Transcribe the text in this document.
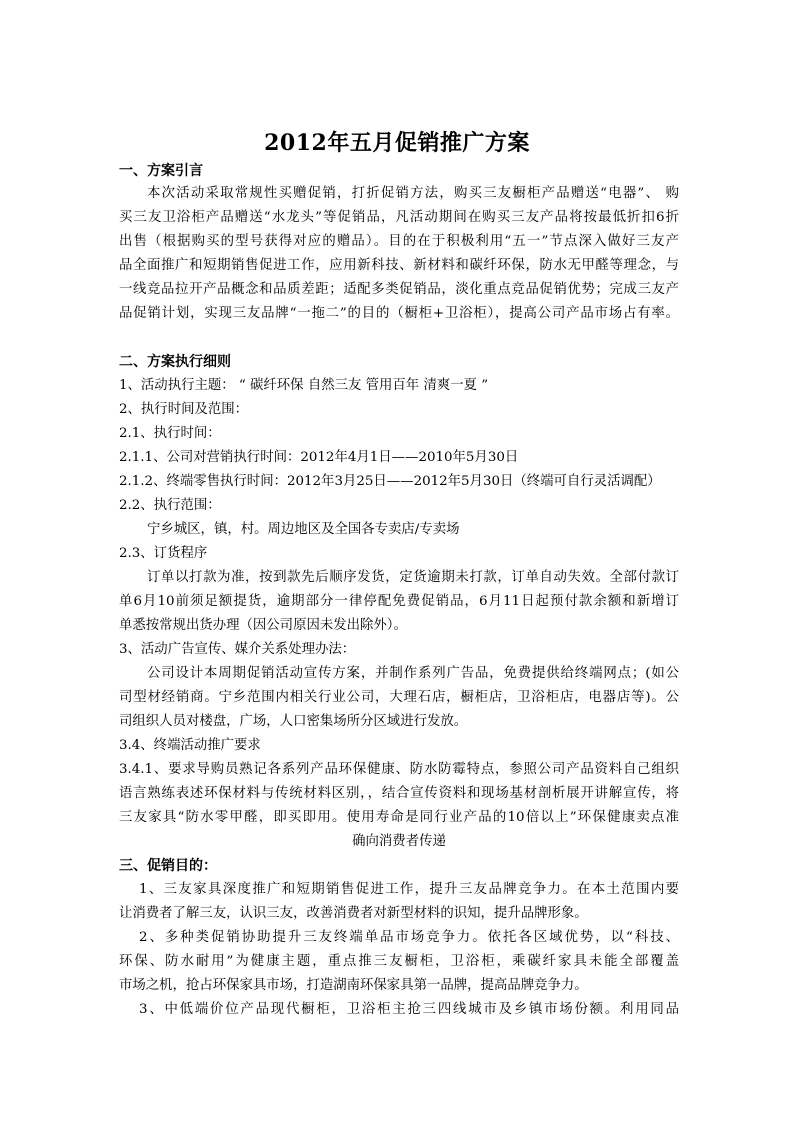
2012年五月促销推广方案
一、方案引言
本次活动采取常规性买赠促销，打折促销方法，购买三友橱柜产品赠送“电器”、 购
买三友卫浴柜产品赠送“水龙头”等促销品，凡活动期间在购买三友产品将按最低折扣6折
出售（根据购买的型号获得对应的赠品）。目的在于积极利用“五一”节点深入做好三友产
品全面推广和短期销售促进工作，应用新科技、新材料和碳纤环保，防水无甲醛等理念，与
一线竞品拉开产品概念和品质差距；适配多类促销品，淡化重点竞品促销优势；完成三友产
品促销计划，实现三友品牌“一拖二”的目的（橱柜+卫浴柜），提高公司产品市场占有率。
二、方案执行细则
1、活动执行主题： “ 碳纤环保 自然三友 管用百年 清爽一夏 ”
2、执行时间及范围：
2.1、执行时间：
2.1.1、公司对营销执行时间：2012年4月1日——2010年5月30日
2.1.2、终端零售执行时间：2012年3月25日——2012年5月30日（终端可自行灵活调配）
2.2、执行范围：
宁乡城区，镇，村。周边地区及全国各专卖店/专卖场
2.3、订货程序
订单以打款为准，按到款先后顺序发货，定货逾期未打款，订单自动失效。全部付款订
单6月10前须足额提货，逾期部分一律停配免费促销品，6月11日起预付款余额和新增订
单悉按常规出货办理（因公司原因未发出除外）。
3、活动广告宣传、媒介关系处理办法：
公司设计本周期促销活动宣传方案，并制作系列广告品，免费提供给终端网点；(如公
司型材经销商。宁乡范围内相关行业公司，大理石店，橱柜店，卫浴柜店，电器店等)。公
司组织人员对楼盘，广场，人口密集场所分区域进行发放。
3.4、终端活动推广要求
3.4.1、要求导购员熟记各系列产品环保健康、防水防霉特点，参照公司产品资料自己组织
语言熟练表述环保材料与传统材料区别，，结合宣传资料和现场基材剖析展开讲解宣传，将
三友家具“防水零甲醛，即买即用。使用寿命是同行业产品的10倍以上”环保健康卖点准
确向消费者传递
三、促销目的：
1、三友家具深度推广和短期销售促进工作，提升三友品牌竞争力。在本土范围内要
让消费者了解三友，认识三友，改善消费者对新型材料的识知，提升品牌形象。
2、多种类促销协助提升三友终端单品市场竞争力。依托各区域优势，以“科技、
环保、防水耐用”为健康主题，重点推三友橱柜，卫浴柜，乘碳纤家具未能全部覆盖
市场之机，抢占环保家具市场，打造湖南环保家具第一品牌，提高品牌竞争力。
3、中低端价位产品现代橱柜，卫浴柜主抢三四线城市及乡镇市场份额。利用同品
